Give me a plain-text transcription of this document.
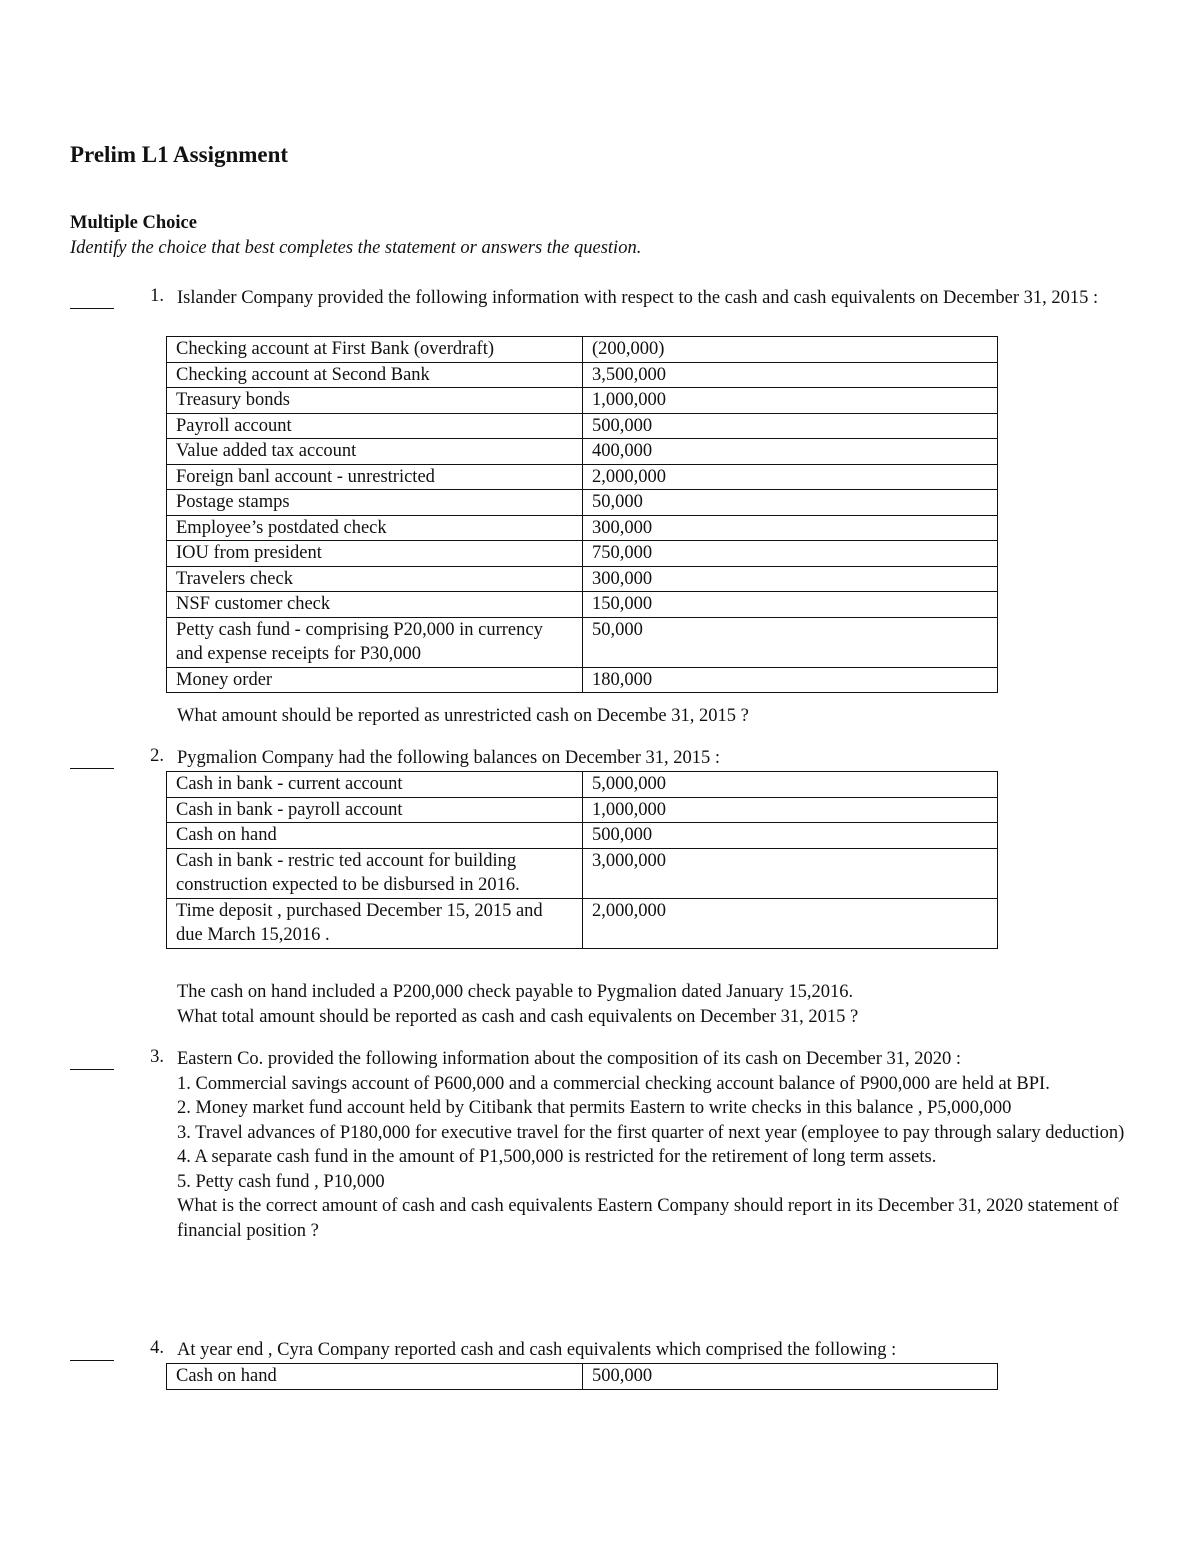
Prelim L1 Assignment
Multiple Choice
Identify the choice that best completes the statement or answers the question.
1. Islander Company provided the following information with respect to the cash and cash equivalents on December 31, 2015 :

Checking account at First Bank (overdraft)	(200,000)
Checking account at Second Bank	3,500,000
Treasury bonds	1,000,000
Payroll account	500,000
Value added tax account	400,000
Foreign banl account - unrestricted	2,000,000
Postage stamps	50,000
Employee’s postdated check	300,000
IOU from president	750,000
Travelers check	300,000
NSF customer check	150,000
Petty cash fund - comprising P20,000 in currency and expense receipts for P30,000	50,000
Money order	180,000

What amount should be reported as unrestricted cash on Decembe 31, 2015 ?

2. Pygmalion Company had the following balances on December 31, 2015 :

Cash in bank - current account	5,000,000
Cash in bank - payroll account	1,000,000
Cash on hand	500,000
Cash in bank - restric ted account for building construction expected to be disbursed in 2016.	3,000,000
Time deposit , purchased December 15, 2015 and due March 15,2016 .	2,000,000

The cash on hand included a P200,000 check payable to Pygmalion dated January 15,2016.

What total amount should be reported as cash and cash equivalents on December 31, 2015 ?

3. Eastern Co. provided the following information about the composition of its cash on December 31, 2020 :

1. Commercial savings account of P600,000 and a commercial checking account balance of P900,000 are held at BPI.

2. Money market fund account held by Citibank that permits Eastern to write checks in this balance , P5,000,000

3. Travel advances of P180,000 for executive travel for the first quarter of next year (employee to pay through salary deduction)

4. A separate cash fund in the amount of P1,500,000 is restricted for the retirement of long term assets.

5. Petty cash fund , P10,000

What is the correct amount of cash and cash equivalents Eastern Company should report in its December 31, 2020 statement of financial position ?

4. At year end , Cyra Company reported cash and cash equivalents which comprised the following :

Cash on hand	500,000
